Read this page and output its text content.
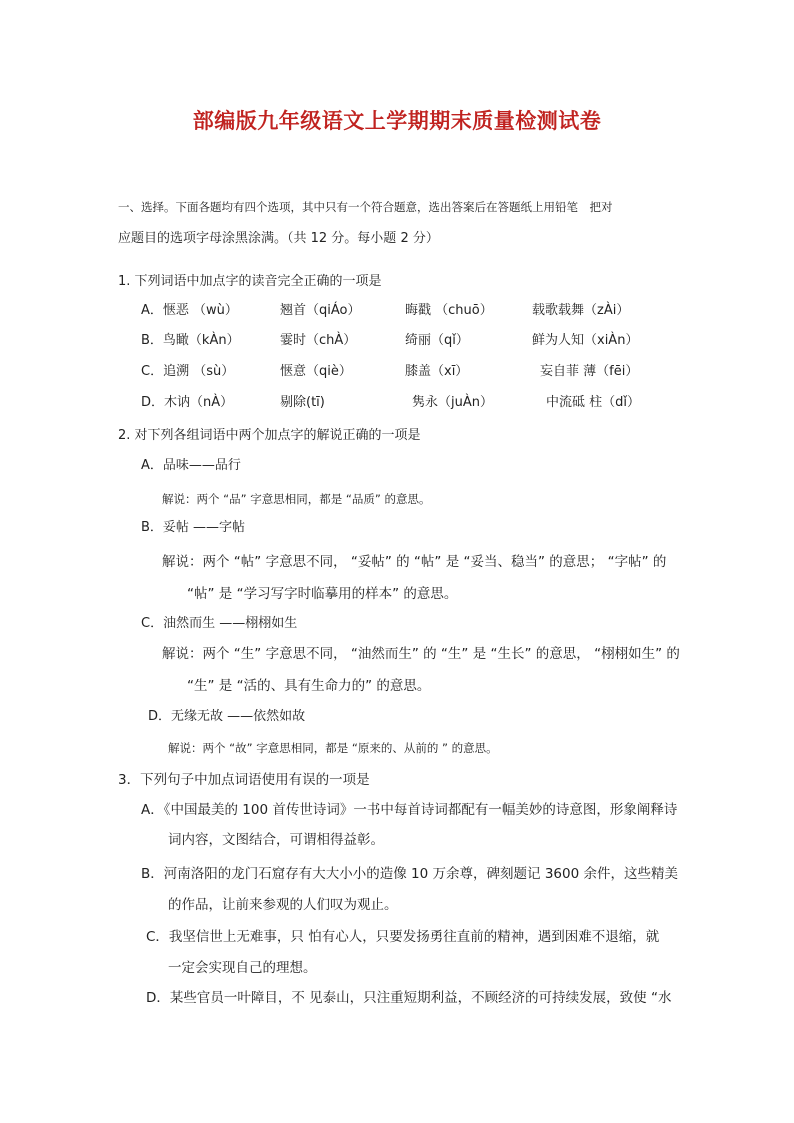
部编版九年级语文上学期期末质量检测试卷
一、选择。下面各题均有四个选项，其中只有一个符合题意，选出答案后在答题纸上用铅笔　把对
应题目的选项字母涂黑涂满。（共 12 分。每小题 2 分）
1. 下列词语中加点字的读音完全正确的一项是
A．惬恶 （wù）	翘首（qiÁo）	晦戳 （chuō）	载歌载舞（zÀi）
B．鸟瞰（kÀn）	霎时（chÀ）	绮丽（qǐ）	鲜为人知（xiÀn）
C．追溯 （sù）	惬意（qiè）	膝盖（xī）	妄自菲 薄（fēi）
D．木讷（nÀ）	剔除(tī)	隽永（juÀn）	中流砥 柱（dǐ）
2. 对下列各组词语中两个加点字的解说正确的一项是
A．品味——品行
解说：两个 “品” 字意思相同，都是 “品质” 的意思。
B．妥帖 ——字帖
解说：两个 “帖” 字意思不同， “妥帖” 的 “帖” 是 “妥当、稳当” 的意思； “字帖” 的
“帖” 是 “学习写字时临摹用的样本” 的意思。
C．油然而生 ——栩栩如生
解说：两个 “生” 字意思不同， “油然而生” 的 “生” 是 “生长” 的意思， “栩栩如生” 的
“生” 是 “活的、具有生命力的” 的意思。
D．无缘无故 ——依然如故
解说：两个 “故” 字意思相同，都是 “原来的、从前的 ” 的意思。
3．下列句子中加点词语使用有误的一项是
A．《中国最美的 100 首传世诗词》一书中每首诗词都配有一幅美妙的诗意图，形象阐释诗
词内容，文图结合，可谓相得益彰。
B．河南洛阳的龙门石窟存有大大小小的造像 10 万余尊，碑刻题记 3600 余件，这些精美
的作品，让前来参观的人们叹为观止。
C．我坚信世上无难事，只 怕有心人，只要发扬勇往直前的精神，遇到困难不退缩，就
一定会实现自己的理想。
D．某些官员一叶障目，不 见泰山，只注重短期利益，不顾经济的可持续发展，致使 “水
